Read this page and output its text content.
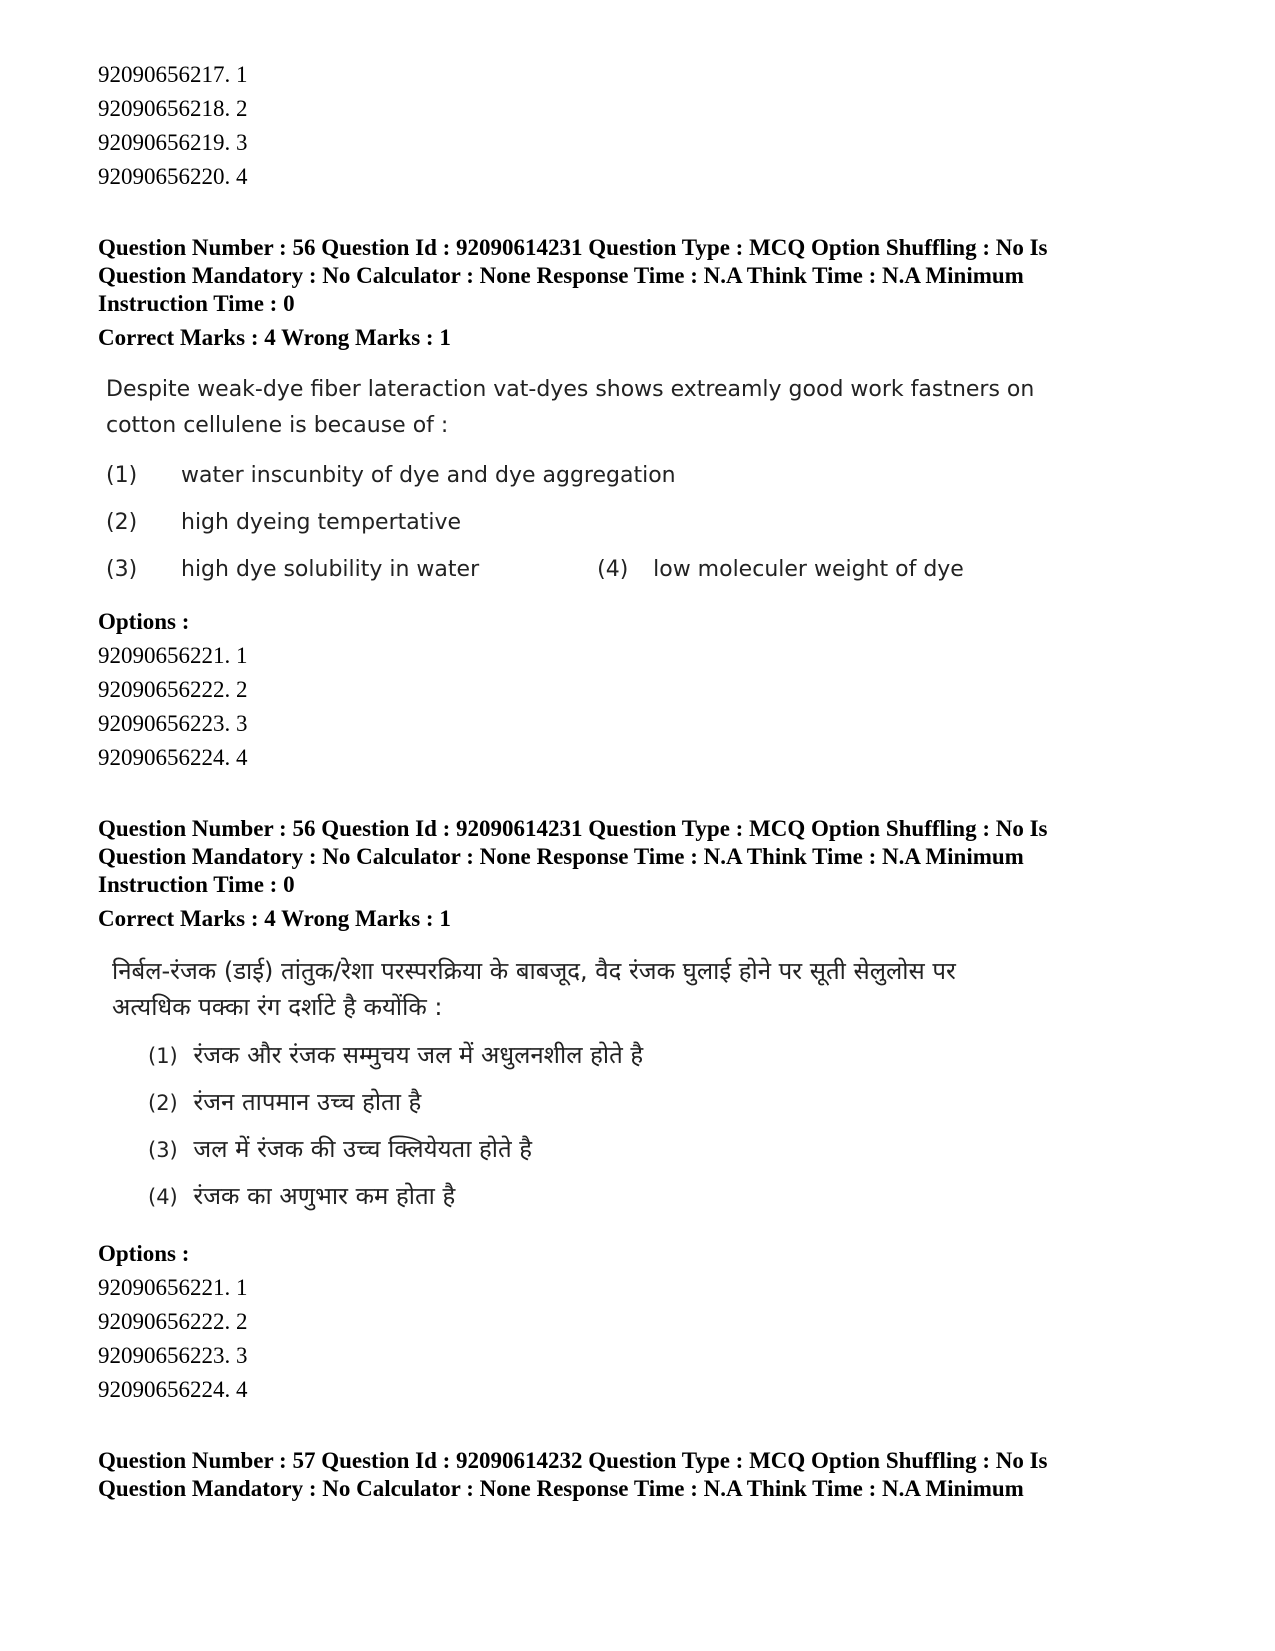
92090656217. 1
92090656218. 2
92090656219. 3
92090656220. 4
Question Number : 56 Question Id : 92090614231 Question Type : MCQ Option Shuffling : No Is
Question Mandatory : No Calculator : None Response Time : N.A Think Time : N.A Minimum
Instruction Time : 0
Correct Marks : 4 Wrong Marks : 1
Despite weak-dye fiber lateraction vat-dyes shows extreamly good work fastners on
cotton cellulene is because of :
(1)	water inscunbity of dye and dye aggregation
(2)	high dyeing tempertative
(3)	high dye solubility in water	(4)	low moleculer weight of dye
Options :
92090656221. 1
92090656222. 2
92090656223. 3
92090656224. 4
Question Number : 56 Question Id : 92090614231 Question Type : MCQ Option Shuffling : No Is
Question Mandatory : No Calculator : None Response Time : N.A Think Time : N.A Minimum
Instruction Time : 0
Correct Marks : 4 Wrong Marks : 1
निर्बल-रंजक (डाई) तांतुक/रेशा परस्परक्रिया के बाबजूद, वैद रंजक घुलाई होने पर सूती सेलुलोस पर
अत्यधिक पक्का रंग दर्शाटे है कयोंकि :
(1) रंजक और रंजक सम्मुचय जल में अधुलनशील होते है
(2) रंजन तापमान उच्च होता है
(3) जल में रंजक की उच्च क्लियेयता होते है
(4) रंजक का अणुभार कम होता है
Options :
92090656221. 1
92090656222. 2
92090656223. 3
92090656224. 4
Question Number : 57 Question Id : 92090614232 Question Type : MCQ Option Shuffling : No Is
Question Mandatory : No Calculator : None Response Time : N.A Think Time : N.A Minimum
